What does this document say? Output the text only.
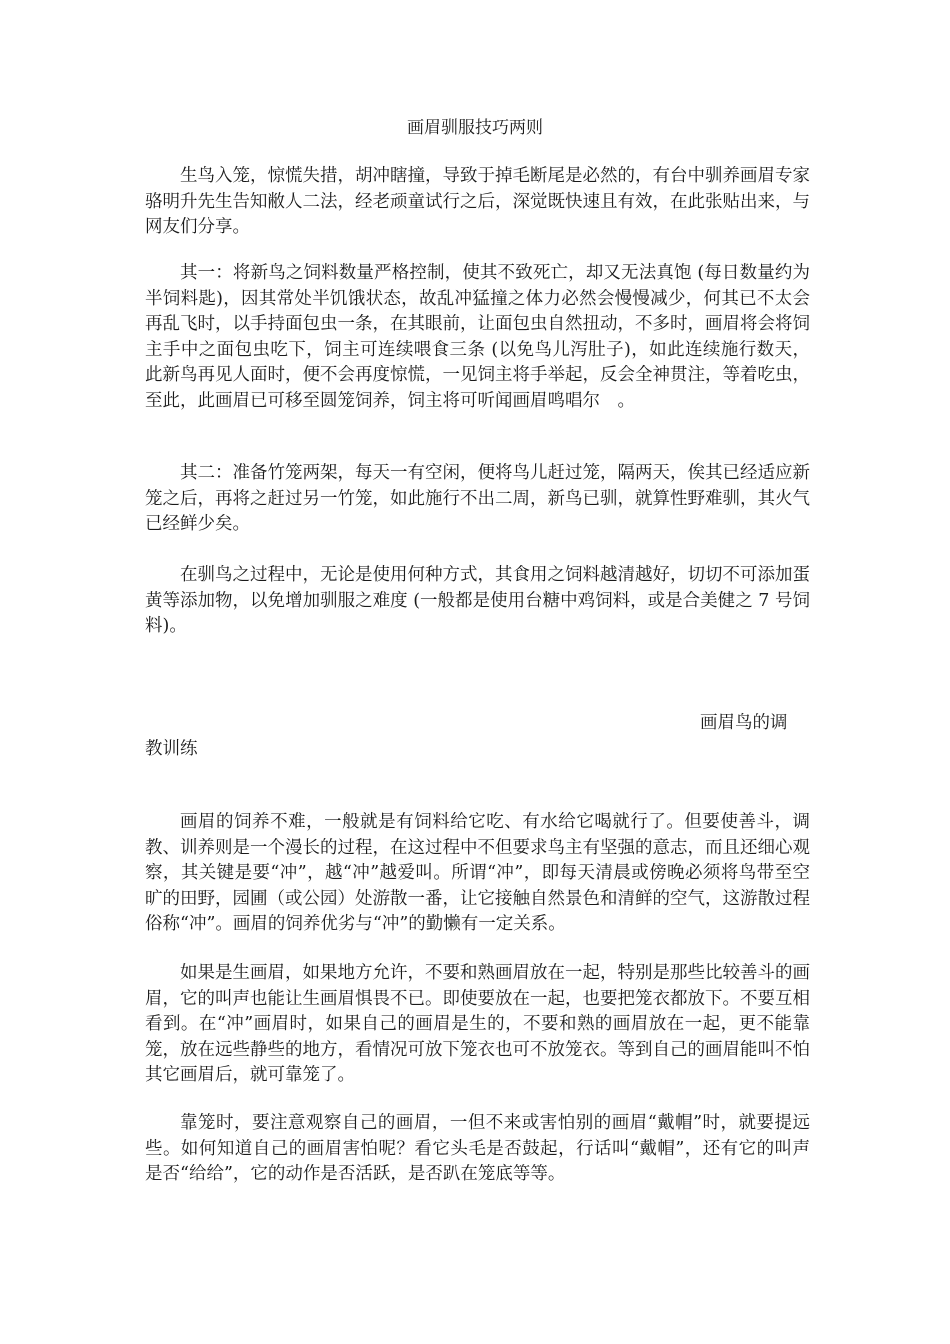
画眉驯服技巧两则

生鸟入笼，惊慌失措，胡冲瞎撞，导致于掉毛断尾是必然的，有台中驯养画眉专家骆明升先生告知敝人二法，经老顽童试行之后，深觉既快速且有效，在此张贴出来，与网友们分享。

其一：将新鸟之饲料数量严格控制，使其不致死亡，却又无法真饱 (每日数量约为半饲料匙)，因其常处半饥饿状态，故乱冲猛撞之体力必然会慢慢减少，何其已不太会再乱飞时，以手持面包虫一条，在其眼前，让面包虫自然扭动，不多时，画眉将会将饲主手中之面包虫吃下，饲主可连续喂食三条 (以免鸟儿泻肚子)，如此连续施行数天，此新鸟再见人面时，便不会再度惊慌，一见饲主将手举起，反会全神贯注，等着吃虫，至此，此画眉已可移至圆笼饲养，饲主将可听闻画眉鸣唱尔　。

其二：准备竹笼两架，每天一有空闲，便将鸟儿赶过笼，隔两天，俟其已经适应新笼之后，再将之赶过另一竹笼，如此施行不出二周，新鸟已驯，就算性野难驯，其火气已经鲜少矣。

在驯鸟之过程中，无论是使用何种方式，其食用之饲料越清越好，切切不可添加蛋黄等添加物，以免增加驯服之难度 (一般都是使用台糖中鸡饲料，或是合美健之 7 号饲料)。

画眉鸟的调

教训练

画眉的饲养不难，一般就是有饲料给它吃、有水给它喝就行了。但要使善斗，调教、训养则是一个漫长的过程，在这过程中不但要求鸟主有坚强的意志，而且还细心观察，其关键是要“冲”，越“冲”越爱叫。所谓“冲”，即每天清晨或傍晚必须将鸟带至空旷的田野，园圃（或公园）处游散一番，让它接触自然景色和清鲜的空气，这游散过程俗称“冲”。画眉的饲养优劣与“冲”的勤懒有一定关系。

如果是生画眉，如果地方允许，不要和熟画眉放在一起，特别是那些比较善斗的画眉，它的叫声也能让生画眉惧畏不已。即使要放在一起，也要把笼衣都放下。不要互相看到。在“冲”画眉时，如果自己的画眉是生的，不要和熟的画眉放在一起，更不能靠笼，放在远些静些的地方，看情况可放下笼衣也可不放笼衣。等到自己的画眉能叫不怕其它画眉后，就可靠笼了。

靠笼时，要注意观察自己的画眉，一但不来或害怕别的画眉“戴帽”时，就要提远些。如何知道自己的画眉害怕呢？看它头毛是否鼓起，行话叫“戴帽”，还有它的叫声是否“给给”，它的动作是否活跃，是否趴在笼底等等。
